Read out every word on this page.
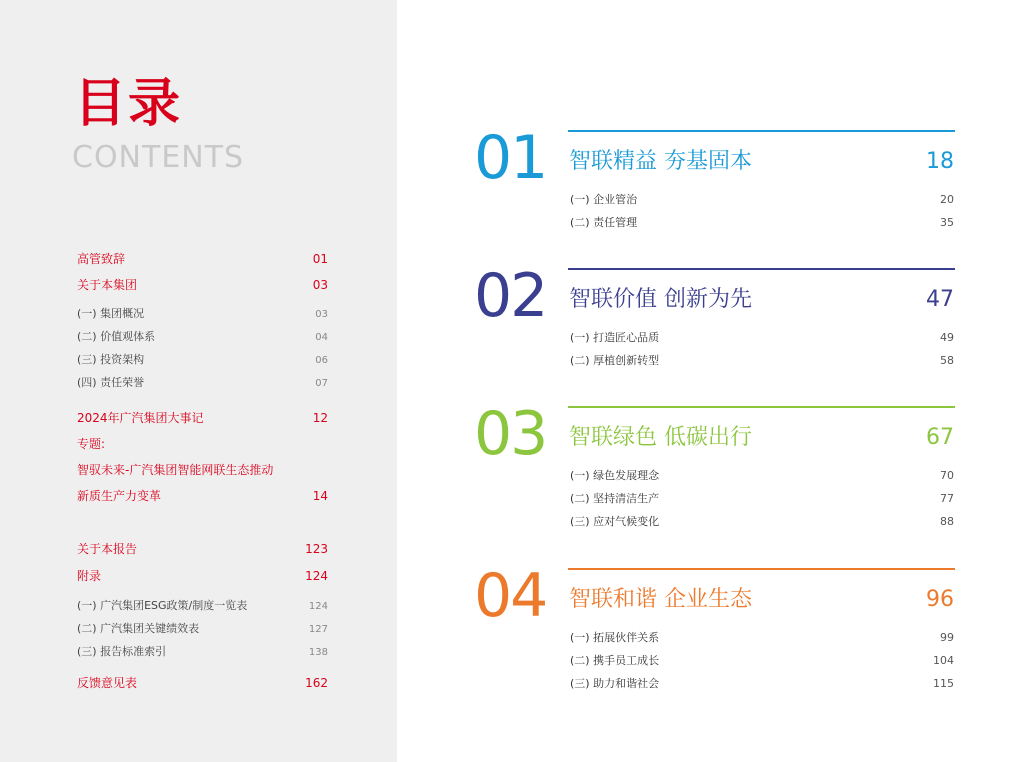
目录
CONTENTS
高管致辞	01
关于本集团	03
(一) 集团概况	03
(二) 价值观体系	04
(三) 投资架构	06
(四) 责任荣誉	07
2024年广汽集团大事记	12
专题:
智驭未来-广汽集团智能网联生态推动
新质生产力变革	14
关于本报告	123
附录	124
(一) 广汽集团ESG政策/制度一览表	124
(二) 广汽集团关键绩效表	127
(三) 报告标准索引	138
反馈意见表	162
01 智联精益 夯基固本	18
(一) 企业管治	20
(二) 责任管理	35
02 智联价值 创新为先	47
(一) 打造匠心品质	49
(二) 厚植创新转型	58
03 智联绿色 低碳出行	67
(一) 绿色发展理念	70
(二) 坚持清洁生产	77
(三) 应对气候变化	88
04 智联和谐 企业生态	96
(一) 拓展伙伴关系	99
(二) 携手员工成长	104
(三) 助力和谐社会	115
